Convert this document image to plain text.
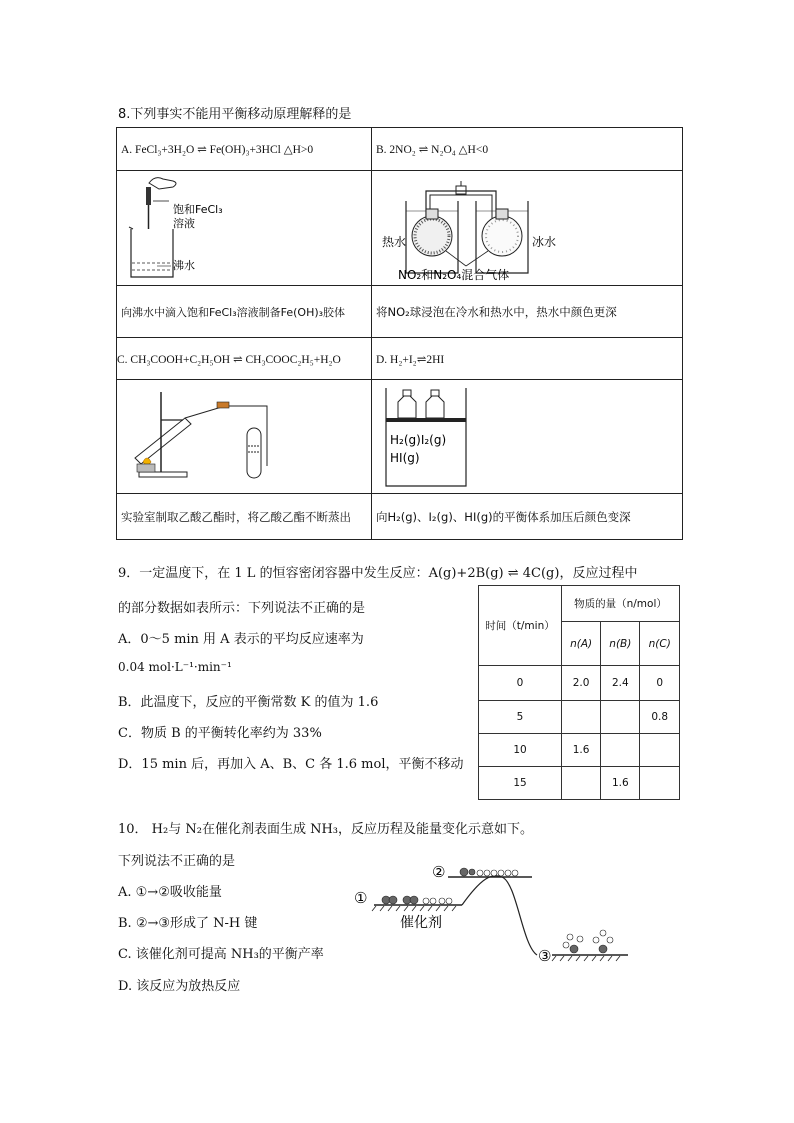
8.下列事实不能用平衡移动原理解释的是
A. FeCl₃+3H₂O ⇌ Fe(OH)₃+3HCl △H>0	B. 2NO₂ ⇌ N₂O₄ △H<0

饱和FeCl₃
溶液
沸水	热水 冰水
NO₂和N₂O₄混合气体

向沸水中滴入饱和FeCl₃溶液制备Fe(OH)₃胶体	将NO₂球浸泡在冷水和热水中，热水中颜色更深
C. CH₃COOH+C₂H₅OH ⇌ CH₃COOC₂H₅+H₂O	D. H₂+I₂⇌2HI

H₂(g)I₂(g)
HI(g)

实验室制取乙酸乙酯时，将乙酸乙酯不断蒸出	向H₂(g)、I₂(g)、HI(g)的平衡体系加压后颜色变深
9．一定温度下，在 1 L 的恒容密闭容器中发生反应：A(g)+2B(g) ⇌ 4C(g)，反应过程中
的部分数据如表所示：下列说法不正确的是
A．0～5 min 用 A 表示的平均反应速率为
0.04 mol·L⁻¹·min⁻¹
B．此温度下，反应的平衡常数 K 的值为 1.6
C．物质 B 的平衡转化率约为 33%
D．15 min 后，再加入 A、B、C 各 1.6 mol，平衡不移动
时间（t/min）	物质的量（n/mol）		
	n(A)	n(B)	n(C)
0	2.0	2.4	0
5			0.8
10	1.6		
15		1.6	
10． H₂与 N₂在催化剂表面生成 NH₃，反应历程及能量变化示意如下。
下列说法不正确的是
A. ①→②吸收能量
B. ②→③形成了 N-H 键
C. 该催化剂可提高 NH₃的平衡产率
D. 该反应为放热反应
①
②
③
催化剂
